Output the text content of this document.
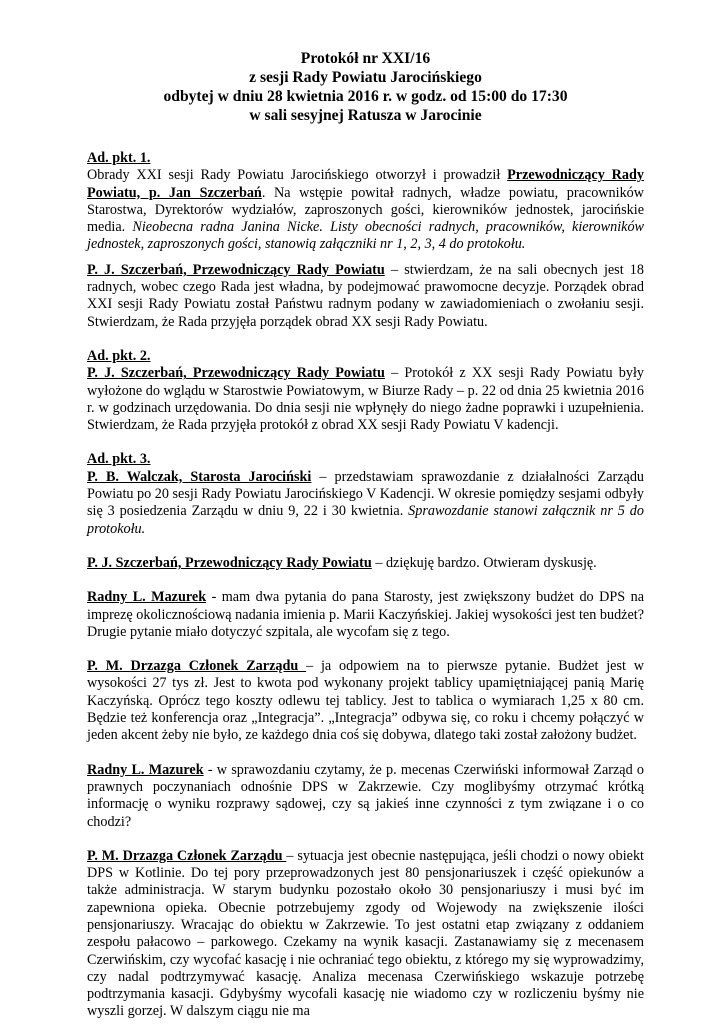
Protokół nr XXI/16
z sesji Rady Powiatu Jarocińskiego
odbytej w dniu 28 kwietnia 2016 r. w godz. od 15:00 do 17:30
w sali sesyjnej Ratusza w Jarocinie
Ad. pkt. 1.

Obrady XXI sesji Rady Powiatu Jarocińskiego otworzył i prowadził Przewodniczący Rady Powiatu, p. Jan Szczerbań. Na wstępie powitał radnych, władze powiatu, pracowników Starostwa, Dyrektorów wydziałów, zaproszonych gości, kierowników jednostek, jarocińskie media. Nieobecna radna Janina Nicke. Listy obecności radnych, pracowników, kierowników jednostek, zaproszonych gości, stanowią załączniki nr 1, 2, 3, 4 do protokołu.

P. J. Szczerbań, Przewodniczący Rady Powiatu – stwierdzam, że na sali obecnych jest 18 radnych, wobec czego Rada jest władna, by podejmować prawomocne decyzje. Porządek obrad XXI sesji Rady Powiatu został Państwu radnym podany w zawiadomieniach o zwołaniu sesji. Stwierdzam, że Rada przyjęła porządek obrad XX sesji Rady Powiatu.

Ad. pkt. 2.

P. J. Szczerbań, Przewodniczący Rady Powiatu – Protokół z XX sesji Rady Powiatu były wyłożone do wglądu w Starostwie Powiatowym, w Biurze Rady – p. 22 od dnia 25 kwietnia 2016 r. w godzinach urzędowania. Do dnia sesji nie wpłynęły do niego żadne poprawki i uzupełnienia. Stwierdzam, że Rada przyjęła protokół z obrad XX sesji Rady Powiatu V kadencji.

Ad. pkt. 3.

P. B. Walczak, Starosta Jarociński – przedstawiam sprawozdanie z działalności Zarządu Powiatu po 20 sesji Rady Powiatu Jarocińskiego V Kadencji. W okresie pomiędzy sesjami odbyły się 3 posiedzenia Zarządu w dniu 9, 22 i 30 kwietnia. Sprawozdanie stanowi załącznik nr 5 do protokołu.

P. J. Szczerbań, Przewodniczący Rady Powiatu – dziękuję bardzo. Otwieram dyskusję.

Radny L. Mazurek - mam dwa pytania do pana Starosty, jest zwiększony budżet do DPS na imprezę okolicznościową nadania imienia p. Marii Kaczyńskiej. Jakiej wysokości jest ten budżet? Drugie pytanie miało dotyczyć szpitala, ale wycofam się z tego.

P. M. Drzazga Członek Zarządu – ja odpowiem na to pierwsze pytanie. Budżet jest w wysokości 27 tys zł. Jest to kwota pod wykonany projekt tablicy upamiętniającej panią Marię Kaczyńską. Oprócz tego koszty odlewu tej tablicy. Jest to tablica o wymiarach 1,25 x 80 cm. Będzie też konferencja oraz „Integracja”. „Integracja” odbywa się, co roku i chcemy połączyć w jeden akcent żeby nie było, ze każdego dnia coś się dobywa, dlatego taki został założony budżet.

Radny L. Mazurek - w sprawozdaniu czytamy, że p. mecenas Czerwiński informował Zarząd o prawnych poczynaniach odnośnie DPS w Zakrzewie. Czy moglibyśmy otrzymać krótką informację o wyniku rozprawy sądowej, czy są jakieś inne czynności z tym związane i o co chodzi?

P. M. Drzazga Członek Zarządu – sytuacja jest obecnie następująca, jeśli chodzi o nowy obiekt DPS w Kotlinie. Do tej pory przeprowadzonych jest 80 pensjonariuszek i część opiekunów a także administracja. W starym budynku pozostało około 30 pensjonariuszy i musi być im zapewniona opieka. Obecnie potrzebujemy zgody od Wojewody na zwiększenie ilości pensjonariuszy. Wracając do obiektu w Zakrzewie. To jest ostatni etap związany z oddaniem zespołu pałacowo – parkowego. Czekamy na wynik kasacji. Zastanawiamy się z mecenasem Czerwińskim, czy wycofać kasację i nie ochraniać tego obiektu, z którego my się wyprowadzimy, czy nadal podtrzymywać kasację. Analiza mecenasa Czerwińskiego wskazuje potrzebę podtrzymania kasacji. Gdybyśmy wycofali kasację nie wiadomo czy w rozliczeniu byśmy nie wyszli gorzej. W dalszym ciągu nie ma
